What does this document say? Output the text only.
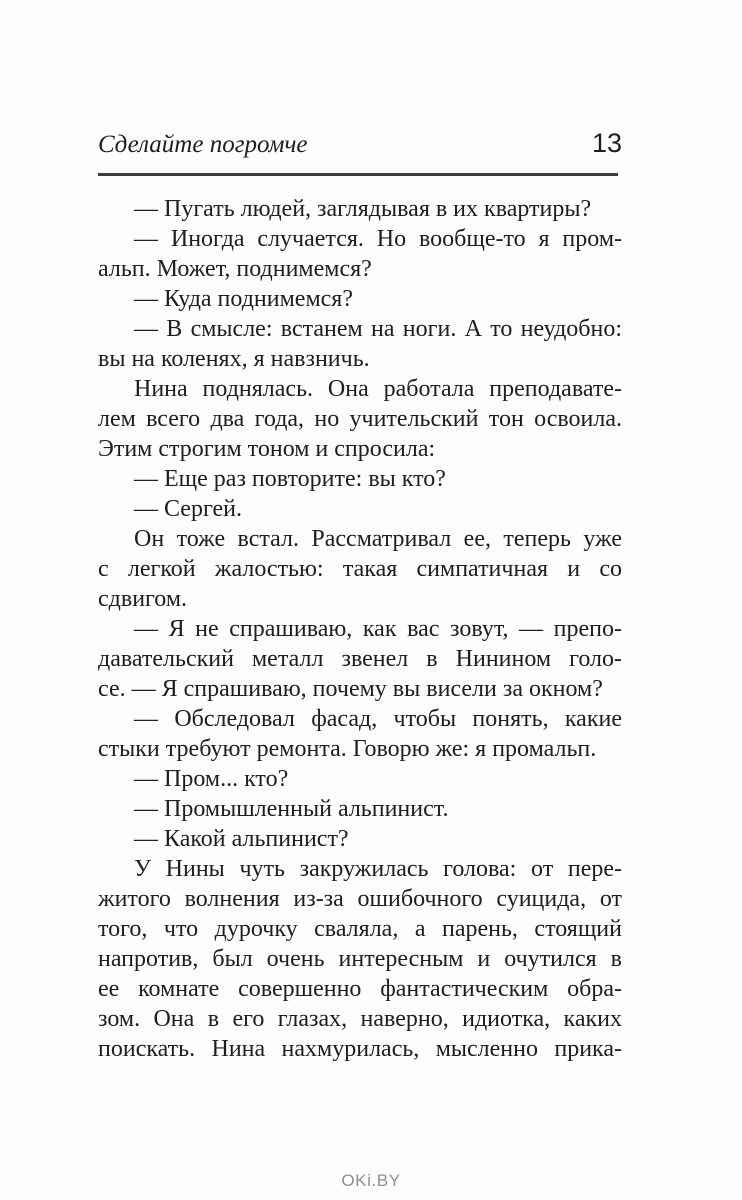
Сделайте погромче	13
— Пугать людей, заглядывая в их квартиры?
— Иногда случается. Но вообще-то я пром-
альп. Может, поднимемся?
— Куда поднимемся?
— В смысле: встанем на ноги. А то неудобно:
вы на коленях, я навзничь.
Нина поднялась. Она работала преподавате-
лем всего два года, но учительский тон освоила.
Этим строгим тоном и спросила:
— Еще раз повторите: вы кто?
— Сергей.
Он тоже встал. Рассматривал ее, теперь уже
с легкой жалостью: такая симпатичная и со
сдвигом.
— Я не спрашиваю, как вас зовут, — препо-
давательский металл звенел в Нинином голо-
се. — Я спрашиваю, почему вы висели за окном?
— Обследовал фасад, чтобы понять, какие
стыки требуют ремонта. Говорю же: я промальп.
— Пром... кто?
— Промышленный альпинист.
— Какой альпинист?
У Нины чуть закружилась голова: от пере-
житого волнения из-за ошибочного суицида, от
того, что дурочку сваляла, а парень, стоящий
напротив, был очень интересным и очутился в
ее комнате совершенно фантастическим обра-
зом. Она в его глазах, наверно, идиотка, каких
поискать. Нина нахмурилась, мысленно прика-
OKi.BY
